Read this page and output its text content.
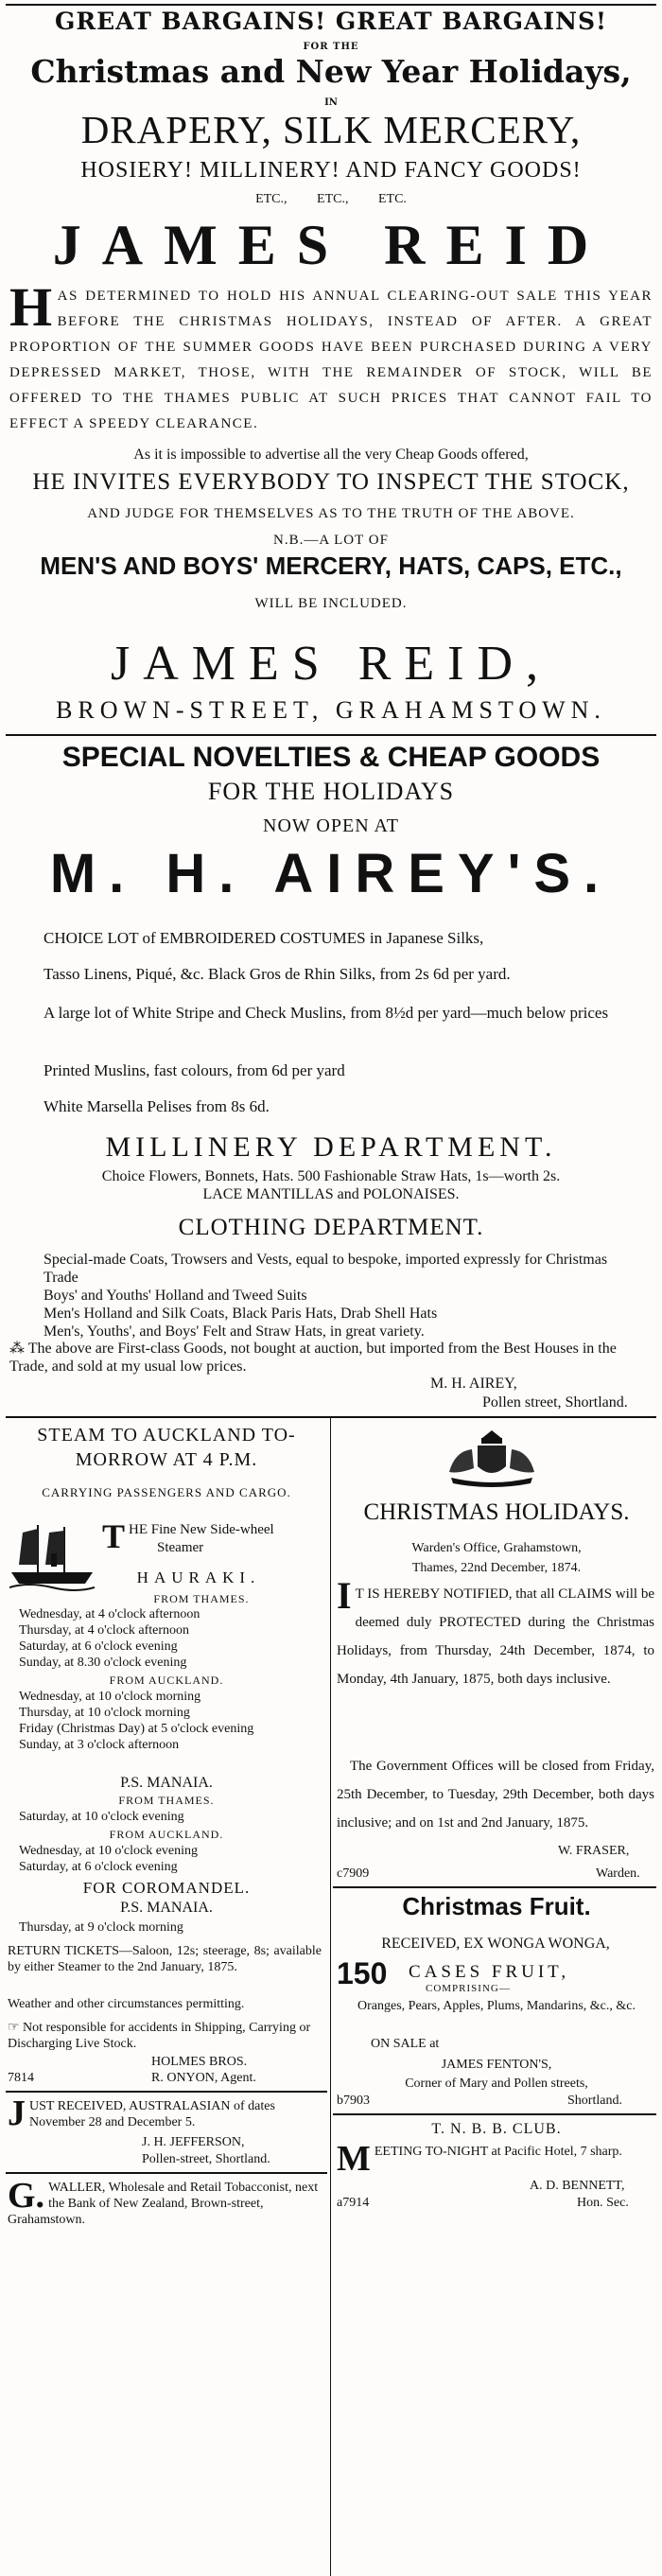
GREAT BARGAINS! GREAT BARGAINS!
FOR THE
Christmas and New Year Holidays,
IN
DRAPERY, SILK MERCERY,
HOSIERY! MILLINERY! AND FANCY GOODS!
ETC.,         ETC.,         ETC.
JAMES REID
HAS DETERMINED TO HOLD HIS ANNUAL CLEARING-OUT SALE THIS YEAR BEFORE THE CHRISTMAS HOLIDAYS, INSTEAD OF AFTER. A GREAT PROPORTION OF THE SUMMER GOODS HAVE BEEN PURCHASED DURING A VERY DEPRESSED MARKET, THOSE, WITH THE REMAINDER OF STOCK, WILL BE OFFERED TO THE THAMES PUBLIC AT SUCH PRICES THAT CANNOT FAIL TO EFFECT A SPEEDY CLEARANCE.
As it is impossible to advertise all the very Cheap Goods offered,
HE INVITES EVERYBODY TO INSPECT THE STOCK,
AND JUDGE FOR THEMSELVES AS TO THE TRUTH OF THE ABOVE.
N.B.—A LOT OF
MEN'S AND BOYS' MERCERY, HATS, CAPS, ETC.,
WILL BE INCLUDED.
JAMES REID,
BROWN-STREET, GRAHAMSTOWN.
SPECIAL NOVELTIES & CHEAP GOODS
FOR THE HOLIDAYS
NOW OPEN AT
M. H. AIREY'S.
CHOICE LOT of EMBROIDERED COSTUMES in Japanese Silks,
Tasso Linens, Piqué, &c. Black Gros de Rhin Silks, from 2s 6d per yard.
A large lot of White Stripe and Check Muslins, from 8½d per yard—much below prices
Printed Muslins, fast colours, from 6d per yard
White Marsella Pelises from 8s 6d.
MILLINERY DEPARTMENT.
Choice Flowers, Bonnets, Hats. 500 Fashionable Straw Hats, 1s—worth 2s.
LACE MANTILLAS and POLONAISES.
CLOTHING DEPARTMENT.
Special-made Coats, Trowsers and Vests, equal to bespoke, imported expressly for Christmas Trade
Boys' and Youths' Holland and Tweed Suits
Men's Holland and Silk Coats, Black Paris Hats, Drab Shell Hats
Men's, Youths', and Boys' Felt and Straw Hats, in great variety.
⁂ The above are First-class Goods, not bought at auction, but imported from the Best Houses in the Trade, and sold at my usual low prices.
M. H. AIREY,
Pollen street, Shortland.
STEAM TO AUCKLAND TO-
MORROW AT 4 P.M.
CARRYING PASSENGERS AND CARGO.
THE Fine New Side-wheel
Steamer
HAURAKI.
FROM THAMES.
Wednesday, at 4 o'clock afternoon
Thursday, at 4 o'clock afternoon
Saturday, at 6 o'clock evening
Sunday, at 8.30 o'clock evening
FROM AUCKLAND.
Wednesday, at 10 o'clock morning
Thursday, at 10 o'clock morning
Friday (Christmas Day) at 5 o'clock evening
Sunday, at 3 o'clock afternoon
P.S. MANAIA.
FROM THAMES.
Saturday, at 10 o'clock evening
FROM AUCKLAND.
Wednesday, at 10 o'clock evening
Saturday, at 6 o'clock evening
FOR COROMANDEL.
P.S. MANAIA.
Thursday, at 9 o'clock morning
RETURN TICKETS—Saloon, 12s; steerage, 8s; available by either Steamer to the 2nd January, 1875.
Weather and other circumstances permitting.
☞ Not responsible for accidents in Shipping, Carrying or Discharging Live Stock.
HOLMES BROS.
7814	R. ONYON, Agent.
JUST RECEIVED, AUSTRALASIAN of dates November 28 and December 5.
J. H. JEFFERSON,
Pollen-street, Shortland.
G. WALLER, Wholesale and Retail Tobacconist, next the Bank of New Zealand, Brown-street, Grahamstown.
CHRISTMAS HOLIDAYS.
Warden's Office, Grahamstown,
Thames, 22nd December, 1874.
I T IS HEREBY NOTIFIED, that all CLAIMS will be deemed duly PROTECTED during the Christmas Holidays, from Thursday, 24th December, 1874, to Monday, 4th January, 1875, both days inclusive.
The Government Offices will be closed from Friday, 25th December, to Tuesday, 29th December, both days inclusive; and on 1st and 2nd January, 1875.
W. FRASER,
c7909	Warden.
Christmas Fruit.
RECEIVED, EX WONGA WONGA,
150 CASES FRUIT,
COMPRISING—
Oranges, Pears, Apples, Plums, Mandarins, &c., &c.
ON SALE at
JAMES FENTON'S,
Corner of Mary and Pollen streets,
b7903	Shortland.
T. N. B. B. CLUB.
MEETING TO-NIGHT at Pacific Hotel, 7 sharp.
A. D. BENNETT,
a7914	Hon. Sec.
